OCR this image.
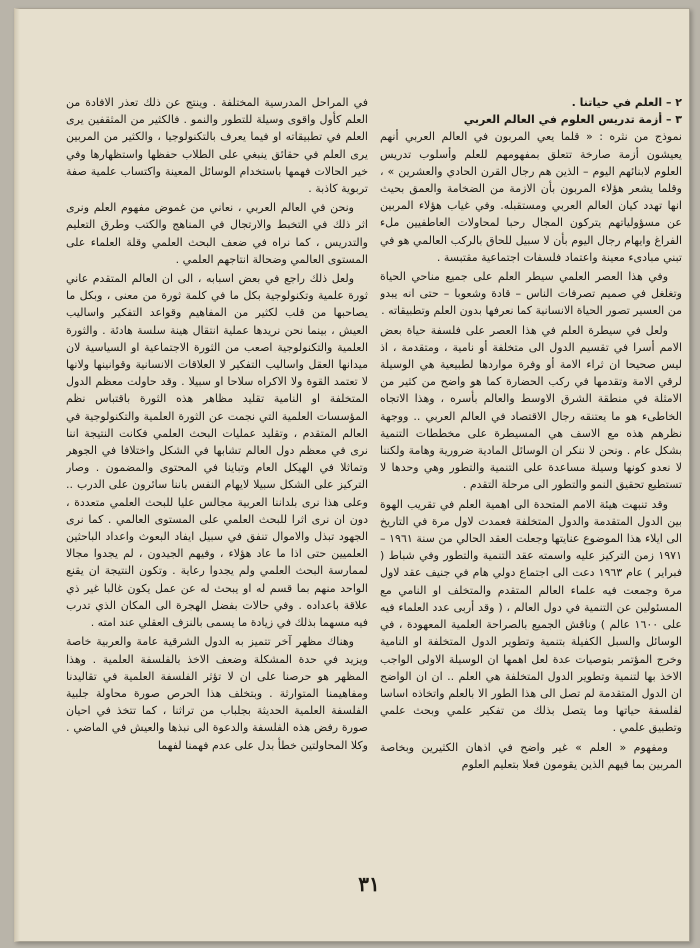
٢ – العلم في حياتنا .

٣ – أزمة تدريس العلوم في العالم العربي

نموذج من نثره : « قلما يعي المربون في العالم العربي أنهم يعيشون أزمة صارخة تتعلق بمفهومهم للعلم وأسلوب تدريس العلوم لابنائهم اليوم – الذين هم رجال القرن الحادي والعشرين » ، وقلما يشعر هؤلاء المربون بأن الازمة من الضخامة والعمق بحيث انها تهدد كيان العالم العربي ومستقبله. وفي غياب هؤلاء المربين عن مسؤولياتهم يتركون المجال رحبا لمحاولات العاطفيين ملء الفراغ وايهام رجال اليوم بأن لا سبيل للحاق بالركب العالمي هو في تبني مبادىء معينة واعتماد فلسفات اجتماعية مقتبسة .

وفي هذا العصر العلمي سيطر العلم على جميع مناحي الحياة وتغلغل في صميم تصرفات الناس – قادة وشعوبا – حتى انه يبدو من العسير تصور الحياة الانسانية كما نعرفها بدون العلم وتطبيقاته .

ولعل في سيطرة العلم في هذا العصر على فلسفة حياة بعض الامم أسرا في تقسيم الدول الى متخلفة أو نامية ، ومتقدمة ، اذ ليس صحيحا ان ثراء الامة أو وفرة مواردها لطبيعية هي الوسيلة لرقي الامة وتقدمها في ركب الحضارة كما هو واضح من كثير من الامثلة في منطقة الشرق الاوسط والعالم بأسره ، وهذا الاتجاه الخاطىء هو ما يعتنقه رجال الاقتصاد في العالم العربي .. ووجهة نظرهم هذه مع الاسف هي المسيطرة على مخططات التنمية بشكل عام . ونحن لا ننكر ان الوسائل المادية ضرورية وهامة ولكننا لا نعدو كونها وسيلة مساعدة على التنمية والتطور وهي وحدها لا تستطيع تحقيق النمو والتطور الى مرحلة التقدم .

وقد تنبهت هيئة الامم المتحدة الى اهمية العلم في تقريب الهوة بين الدول المتقدمة والدول المتخلفة فعمدت لاول مرة في التاريخ الى ايلاء هذا الموضوع عنايتها وجعلت العقد الحالي من سنة ١٩٦١ – ١٩٧١ زمن التركيز عليه واسمته عقد التنمية والتطور وفي شباط ( فبراير ) عام ١٩٦٣ دعت الى اجتماع دولي هام في جنيف عقد لاول مرة وجمعت فيه علماء العالم المتقدم والمتخلف او النامي مع المسئولين عن التنمية في دول العالم ، ( وقد أربى عدد العلماء فيه على ١٦٠٠ عالم ) وناقش الجميع بالصراحة العلمية المعهودة ، في الوسائل والسبل الكفيلة بتنمية وتطوير الدول المتخلفة او النامية وخرج المؤتمر بتوصيات عدة لعل اهمها ان الوسيلة الاولى الواجب الاخذ بها لتنمية وتطوير الدول المتخلفة هي العلم .. ان ان الواضح ان الدول المتقدمة لم تصل الى هذا الطور الا بالعلم واتخاذه اساسا لفلسفة حياتها وما يتصل بذلك من تفكير علمي وبحث علمي وتطبيق علمي .

ومفهوم « العلم » غير واضح في اذهان الكثيرين وبخاصة المربين بما فيهم الذين يقومون فعلا بتعليم العلوم

في المراحل المدرسية المختلفة . وينتج عن ذلك تعذر الافادة من العلم كأول واقوى وسيلة للتطور والنمو . فالكثير من المثقفين يرى العلم في تطبيقاته او فيما يعرف بالتكنولوجيا ، والكثير من المربين يرى العلم في حقائق ينبغي على الطلاب حفظها واستظهارها وفي خير الحالات فهمها باستخدام الوسائل المعينة واكتساب علمية صفة تربوية كاذبة .

ونحن في العالم العربي ، نعاني من غموض مفهوم العلم ونرى اثر ذلك في التخبط والارتجال في المناهج والكتب وطرق التعليم والتدريس ، كما نراه في ضعف البحث العلمي وقلة العلماء على المستوى العالمي وضحالة انتاجهم العلمي .

ولعل ذلك راجع في بعض اسبابه ، الى ان العالم المتقدم عاني ثورة علمية وتكنولوجية بكل ما في كلمة ثورة من معنى ، وبكل ما يصاحبها من قلب لكثير من المفاهيم وقواعد التفكير واساليب العيش ، بينما نحن نريدها عملية انتقال هينة سلسة هادئة . والثورة العلمية والتكنولوجية اصعب من الثورة الاجتماعية او السياسية لان ميدانها العقل واساليب التفكير لا العلاقات الانسانية وقوانينها ولانها لا تعتمد القوة ولا الاكراه سلاحا او سبيلا . وقد حاولت معظم الدول المتخلفة او النامية تقليد مظاهر هذه الثورة باقتباس نظم المؤسسات العلمية التي نجمت عن الثورة العلمية والتكنولوجية في العالم المتقدم ، وتقليد عمليات البحث العلمي فكانت النتيجة اننا نرى في معظم دول العالم تشابها في الشكل واختلافا في الجوهر وتماثلا في الهيكل العام وتباينا في المحتوى والمضمون . وصار التركيز على الشكل سبيلا لايهام النفس باننا سائرون على الدرب .. وعلى هذا نرى بلداننا العربية مجالس عليا للبحث العلمي متعددة ، دون ان نرى اثرا للبحث العلمي على المستوى العالمي . كما نرى الجهود تبذل والاموال تنفق في سبيل ايفاد البعوث واعداد الباحثين العلميين حتى اذا ما عاد هؤلاء ، وفيهم الجيدون ، لم يجدوا مجالا لممارسة البحث العلمي ولم يجدوا رعاية . وتكون النتيجة ان يقنع الواحد منهم بما قسم له او يبحث له عن عمل يكون غالبا غير ذي علاقة باعداده . وفي حالات بفضل الهجرة الى المكان الذي تدرب فيه مسهما بذلك في زيادة ما يسمى بالنزف العقلي عند امته .

وهناك مظهر آخر تتميز به الدول الشرقية عامة والعربية خاصة ويزيد في حدة المشكلة وضعف الاخذ بالفلسفة العلمية . وهذا المظهر هو حرصنا على ان لا تؤثر الفلسفة العلمية في تقاليدنا ومفاهيمنا المتوارثة . وبتخلف هذا الحرص صورة محاولة جلبية الفلسفة العلمية الحديثة بجلباب من تراثنا ، كما تتخذ في احيان صورة رفض هذه الفلسفة والدعوة الى نبذها والعيش في الماضي . وكلا المحاولتين خطأ بدل على عدم فهمنا لفهما

٣١
